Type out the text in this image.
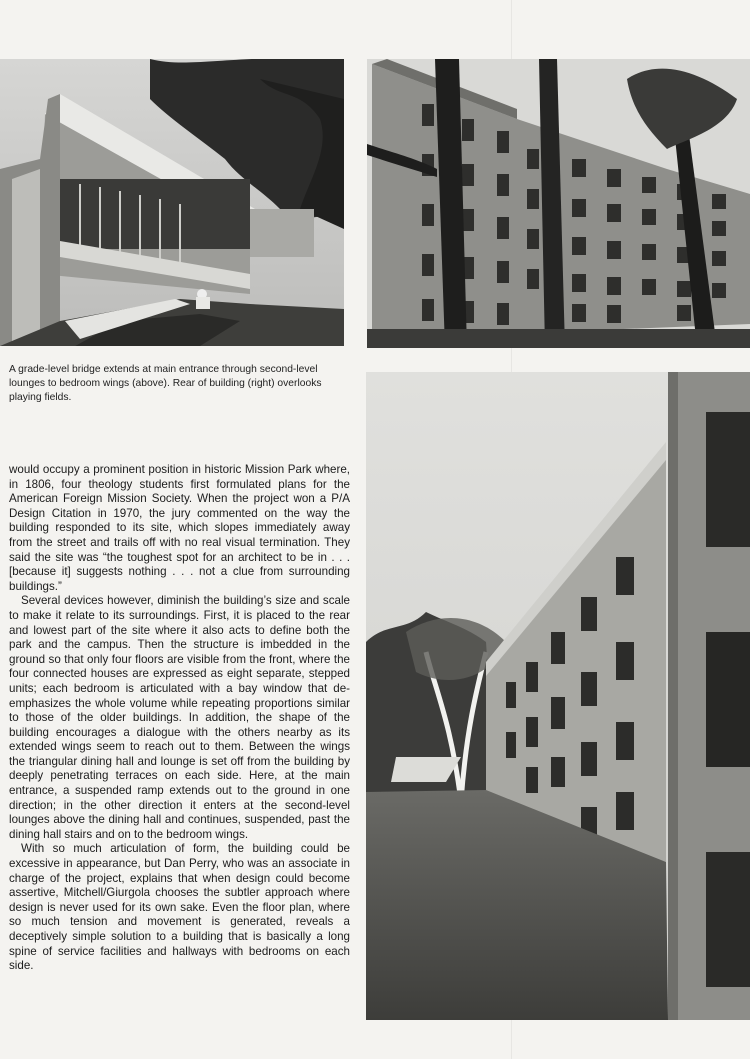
A grade-level bridge extends at main entrance through second-level lounges to bedroom wings (above). Rear of building (right) overlooks playing fields.

would occupy a prominent position in historic Mission Park where, in 1806, four theology students first formulated plans for the American Foreign Mission Society. When the project won a P/A Design Citation in 1970, the jury commented on the way the building responded to its site, which slopes immediately away from the street and trails off with no real visual termination. They said the site was “the toughest spot for an architect to be in . . . [because it] suggests nothing . . . not a clue from surrounding buildings.”

Several devices however, diminish the building’s size and scale to make it relate to its surroundings. First, it is placed to the rear and lowest part of the site where it also acts to define both the park and the campus. Then the structure is imbedded in the ground so that only four floors are visible from the front, where the four connected houses are expressed as eight separate, stepped units; each bedroom is articulated with a bay window that de-emphasizes the whole volume while repeating proportions similar to those of the older buildings. In addition, the shape of the building encourages a dialogue with the others nearby as its extended wings seem to reach out to them. Between the wings the triangular dining hall and lounge is set off from the building by deeply penetrating terraces on each side. Here, at the main entrance, a suspended ramp extends out to the ground in one direction; in the other direction it enters at the second-level lounges above the dining hall and continues, suspended, past the dining hall stairs and on to the bedroom wings.

With so much articulation of form, the building could be excessive in appearance, but Dan Perry, who was an associate in charge of the project, explains that when design could become assertive, Mitchell/Giurgola chooses the subtler approach where design is never used for its own sake. Even the floor plan, where so much tension and movement is generated, reveals a deceptively simple solution to a building that is basically a long spine of service facilities and hallways with bedrooms on each side.
